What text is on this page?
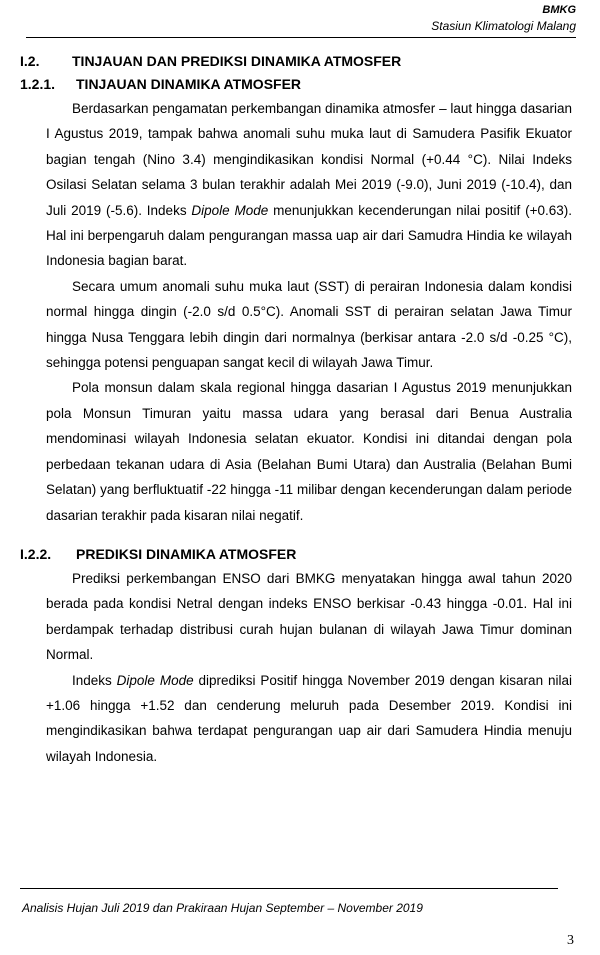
BMKG
Stasiun Klimatologi Malang
I.2.	TINJAUAN DAN PREDIKSI DINAMIKA ATMOSFER
1.2.1.	TINJAUAN DINAMIKA ATMOSFER
Berdasarkan pengamatan perkembangan dinamika atmosfer – laut hingga dasarian I Agustus 2019, tampak bahwa anomali suhu muka laut di Samudera Pasifik Ekuator bagian tengah (Nino 3.4) mengindikasikan kondisi Normal (+0.44 °C). Nilai Indeks Osilasi Selatan selama 3 bulan terakhir adalah Mei 2019 (-9.0), Juni 2019 (-10.4), dan Juli 2019 (-5.6). Indeks Dipole Mode menunjukkan kecenderungan nilai positif (+0.63). Hal ini berpengaruh dalam pengurangan massa uap air dari Samudra Hindia ke wilayah Indonesia bagian barat.
Secara umum anomali suhu muka laut (SST) di perairan Indonesia dalam kondisi normal hingga dingin (-2.0 s/d 0.5°C). Anomali SST di perairan selatan Jawa Timur hingga Nusa Tenggara lebih dingin dari normalnya (berkisar antara -2.0 s/d -0.25 °C), sehingga potensi penguapan sangat kecil di wilayah Jawa Timur.
Pola monsun dalam skala regional hingga dasarian I Agustus 2019 menunjukkan pola Monsun Timuran yaitu massa udara yang berasal dari Benua Australia mendominasi wilayah Indonesia selatan ekuator. Kondisi ini ditandai dengan pola perbedaan tekanan udara di Asia (Belahan Bumi Utara) dan Australia (Belahan Bumi Selatan) yang berfluktuatif -22 hingga -11 milibar dengan kecenderungan dalam periode dasarian terakhir pada kisaran nilai negatif.
I.2.2.	PREDIKSI DINAMIKA ATMOSFER
Prediksi perkembangan ENSO dari BMKG menyatakan hingga awal tahun 2020 berada pada kondisi Netral dengan indeks ENSO berkisar -0.43 hingga -0.01. Hal ini berdampak terhadap distribusi curah hujan bulanan di wilayah Jawa Timur dominan Normal.
Indeks Dipole Mode diprediksi Positif hingga November 2019 dengan kisaran nilai +1.06 hingga +1.52 dan cenderung meluruh pada Desember 2019. Kondisi ini mengindikasikan bahwa terdapat pengurangan uap air dari Samudera Hindia menuju wilayah Indonesia.
Analisis Hujan Juli 2019 dan Prakiraan Hujan September – November 2019
3
